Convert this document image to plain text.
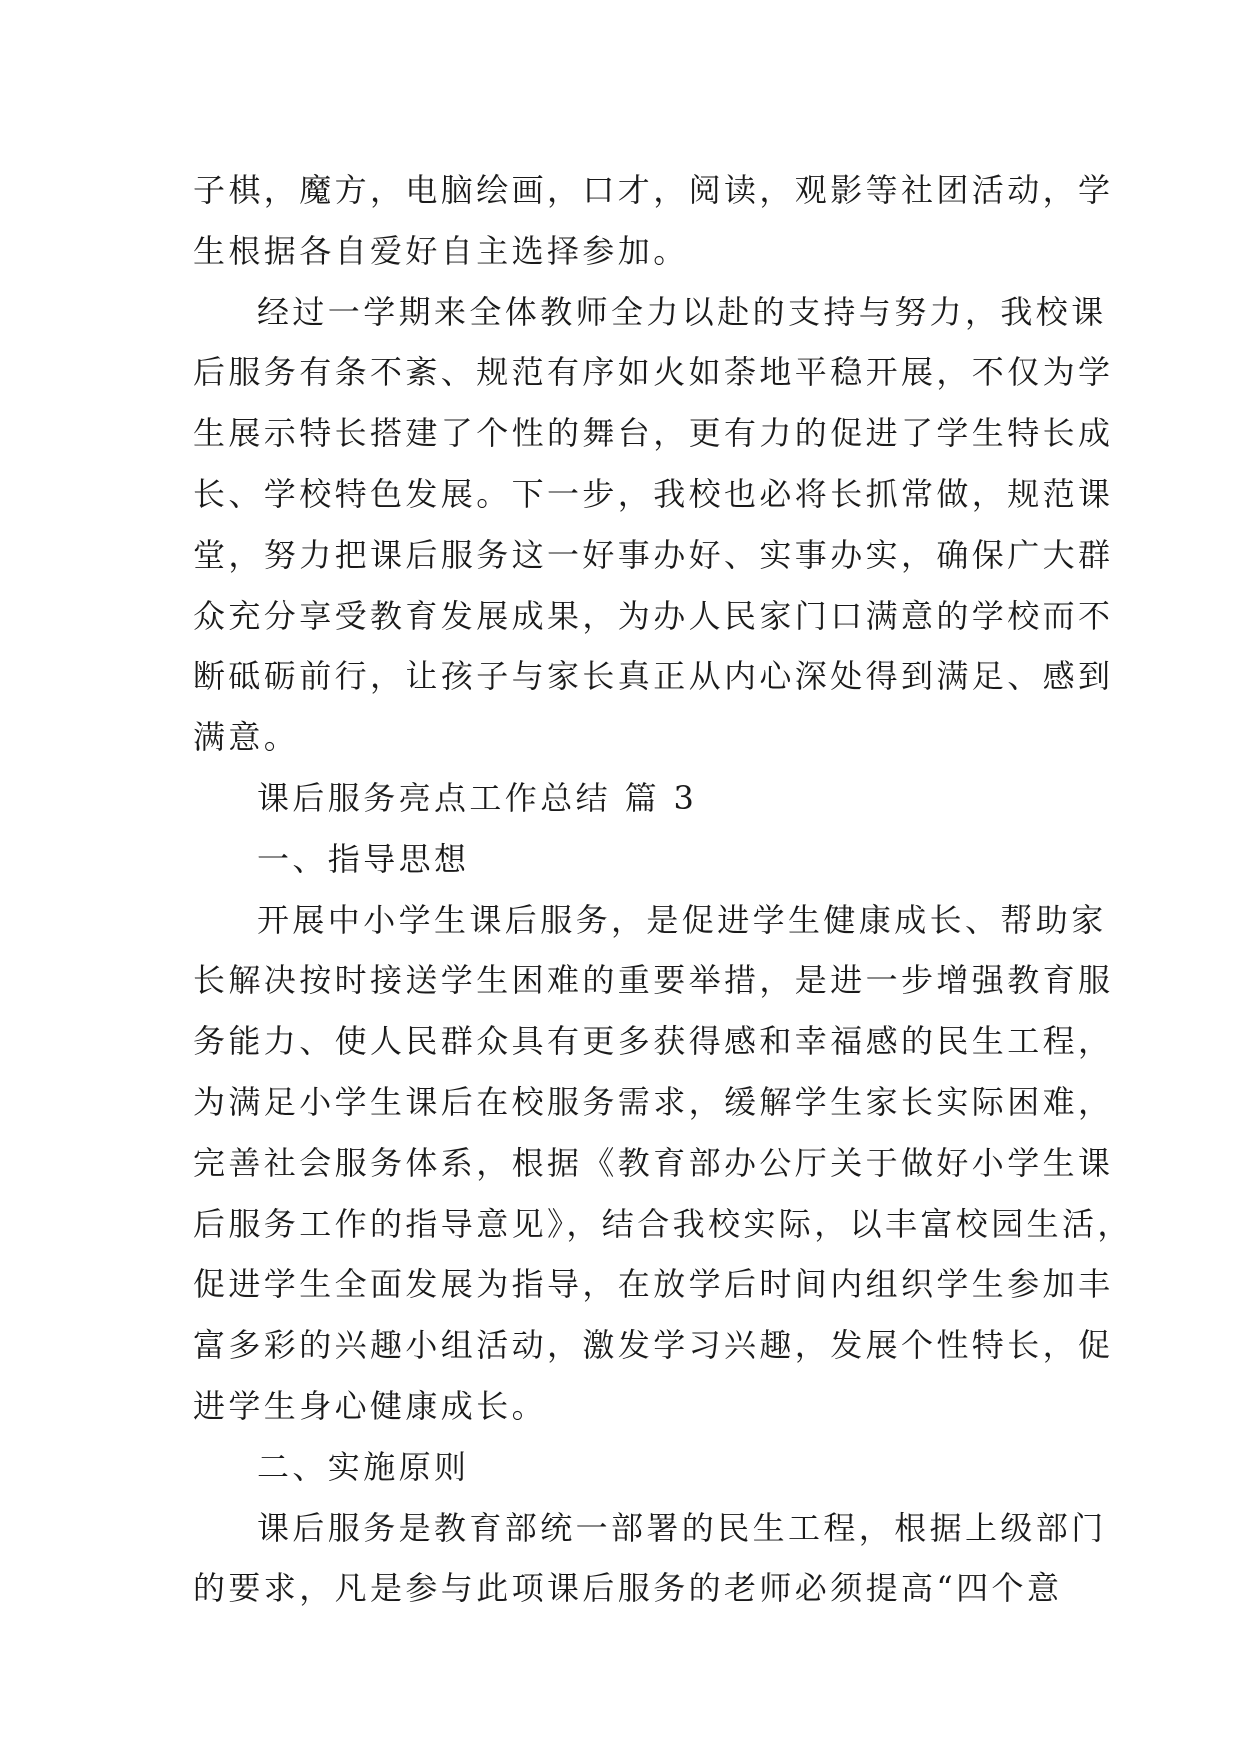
子棋，魔方，电脑绘画，口才，阅读，观影等社团活动，学
生根据各自爱好自主选择参加。
经过一学期来全体教师全力以赴的支持与努力，我校课
后服务有条不紊、规范有序如火如荼地平稳开展，不仅为学
生展示特长搭建了个性的舞台，更有力的促进了学生特长成
长、学校特色发展。下一步，我校也必将长抓常做，规范课
堂，努力把课后服务这一好事办好、实事办实，确保广大群
众充分享受教育发展成果，为办人民家门口满意的学校而不
断砥砺前行，让孩子与家长真正从内心深处得到满足、感到
满意。
课后服务亮点工作总结 篇 3
一、指导思想
开展中小学生课后服务，是促进学生健康成长、帮助家
长解决按时接送学生困难的重要举措，是进一步增强教育服
务能力、使人民群众具有更多获得感和幸福感的民生工程，
为满足小学生课后在校服务需求，缓解学生家长实际困难，
完善社会服务体系，根据《教育部办公厅关于做好小学生课
后服务工作的指导意见》，结合我校实际，以丰富校园生活，
促进学生全面发展为指导，在放学后时间内组织学生参加丰
富多彩的兴趣小组活动，激发学习兴趣，发展个性特长，促
进学生身心健康成长。
二、实施原则
课后服务是教育部统一部署的民生工程，根据上级部门
的要求，凡是参与此项课后服务的老师必须提高“四个意
